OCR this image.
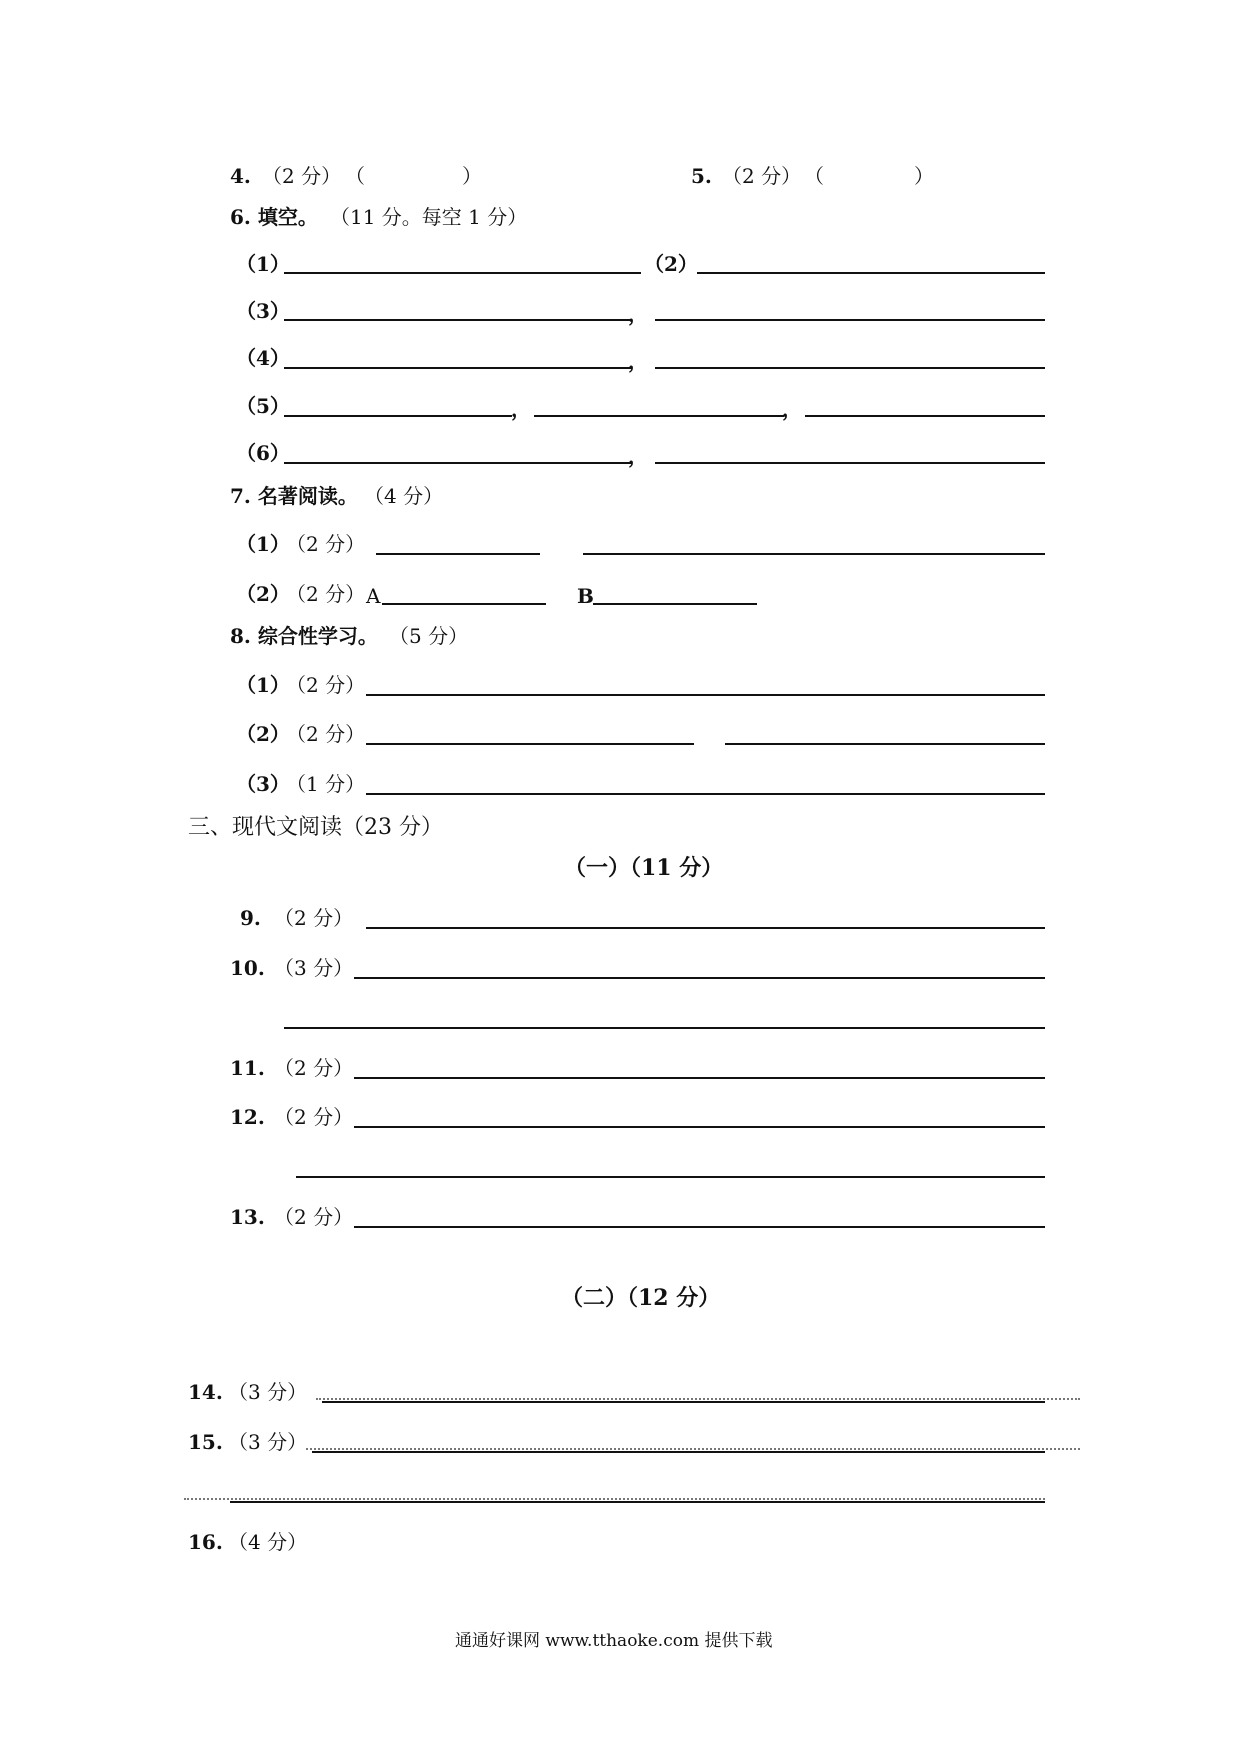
4. （2 分） （	）	5. （2 分） （	）
6. 填空。 （11 分。每空 1 分）
（1）	（2）
（3）	，
（4）	，
（5）	，	，
（6）	，
7. 名著阅读。 （4 分）
（1）
（2 分）
（2）
（2 分） A	B
8. 综合性学习。 （5 分）
（1）
（2 分）
（2）
（2 分）
（3）
（1 分）
三、现代文阅读（23 分）
（一）（11 分）
9. （2 分）
10. （3 分）
11. （2 分）
12. （2 分）
13. （2 分）
（二）（12 分）
14. （3 分）
15. （3 分）
16. （4 分）
通通好课网 www.tthaoke.com 提供下载
